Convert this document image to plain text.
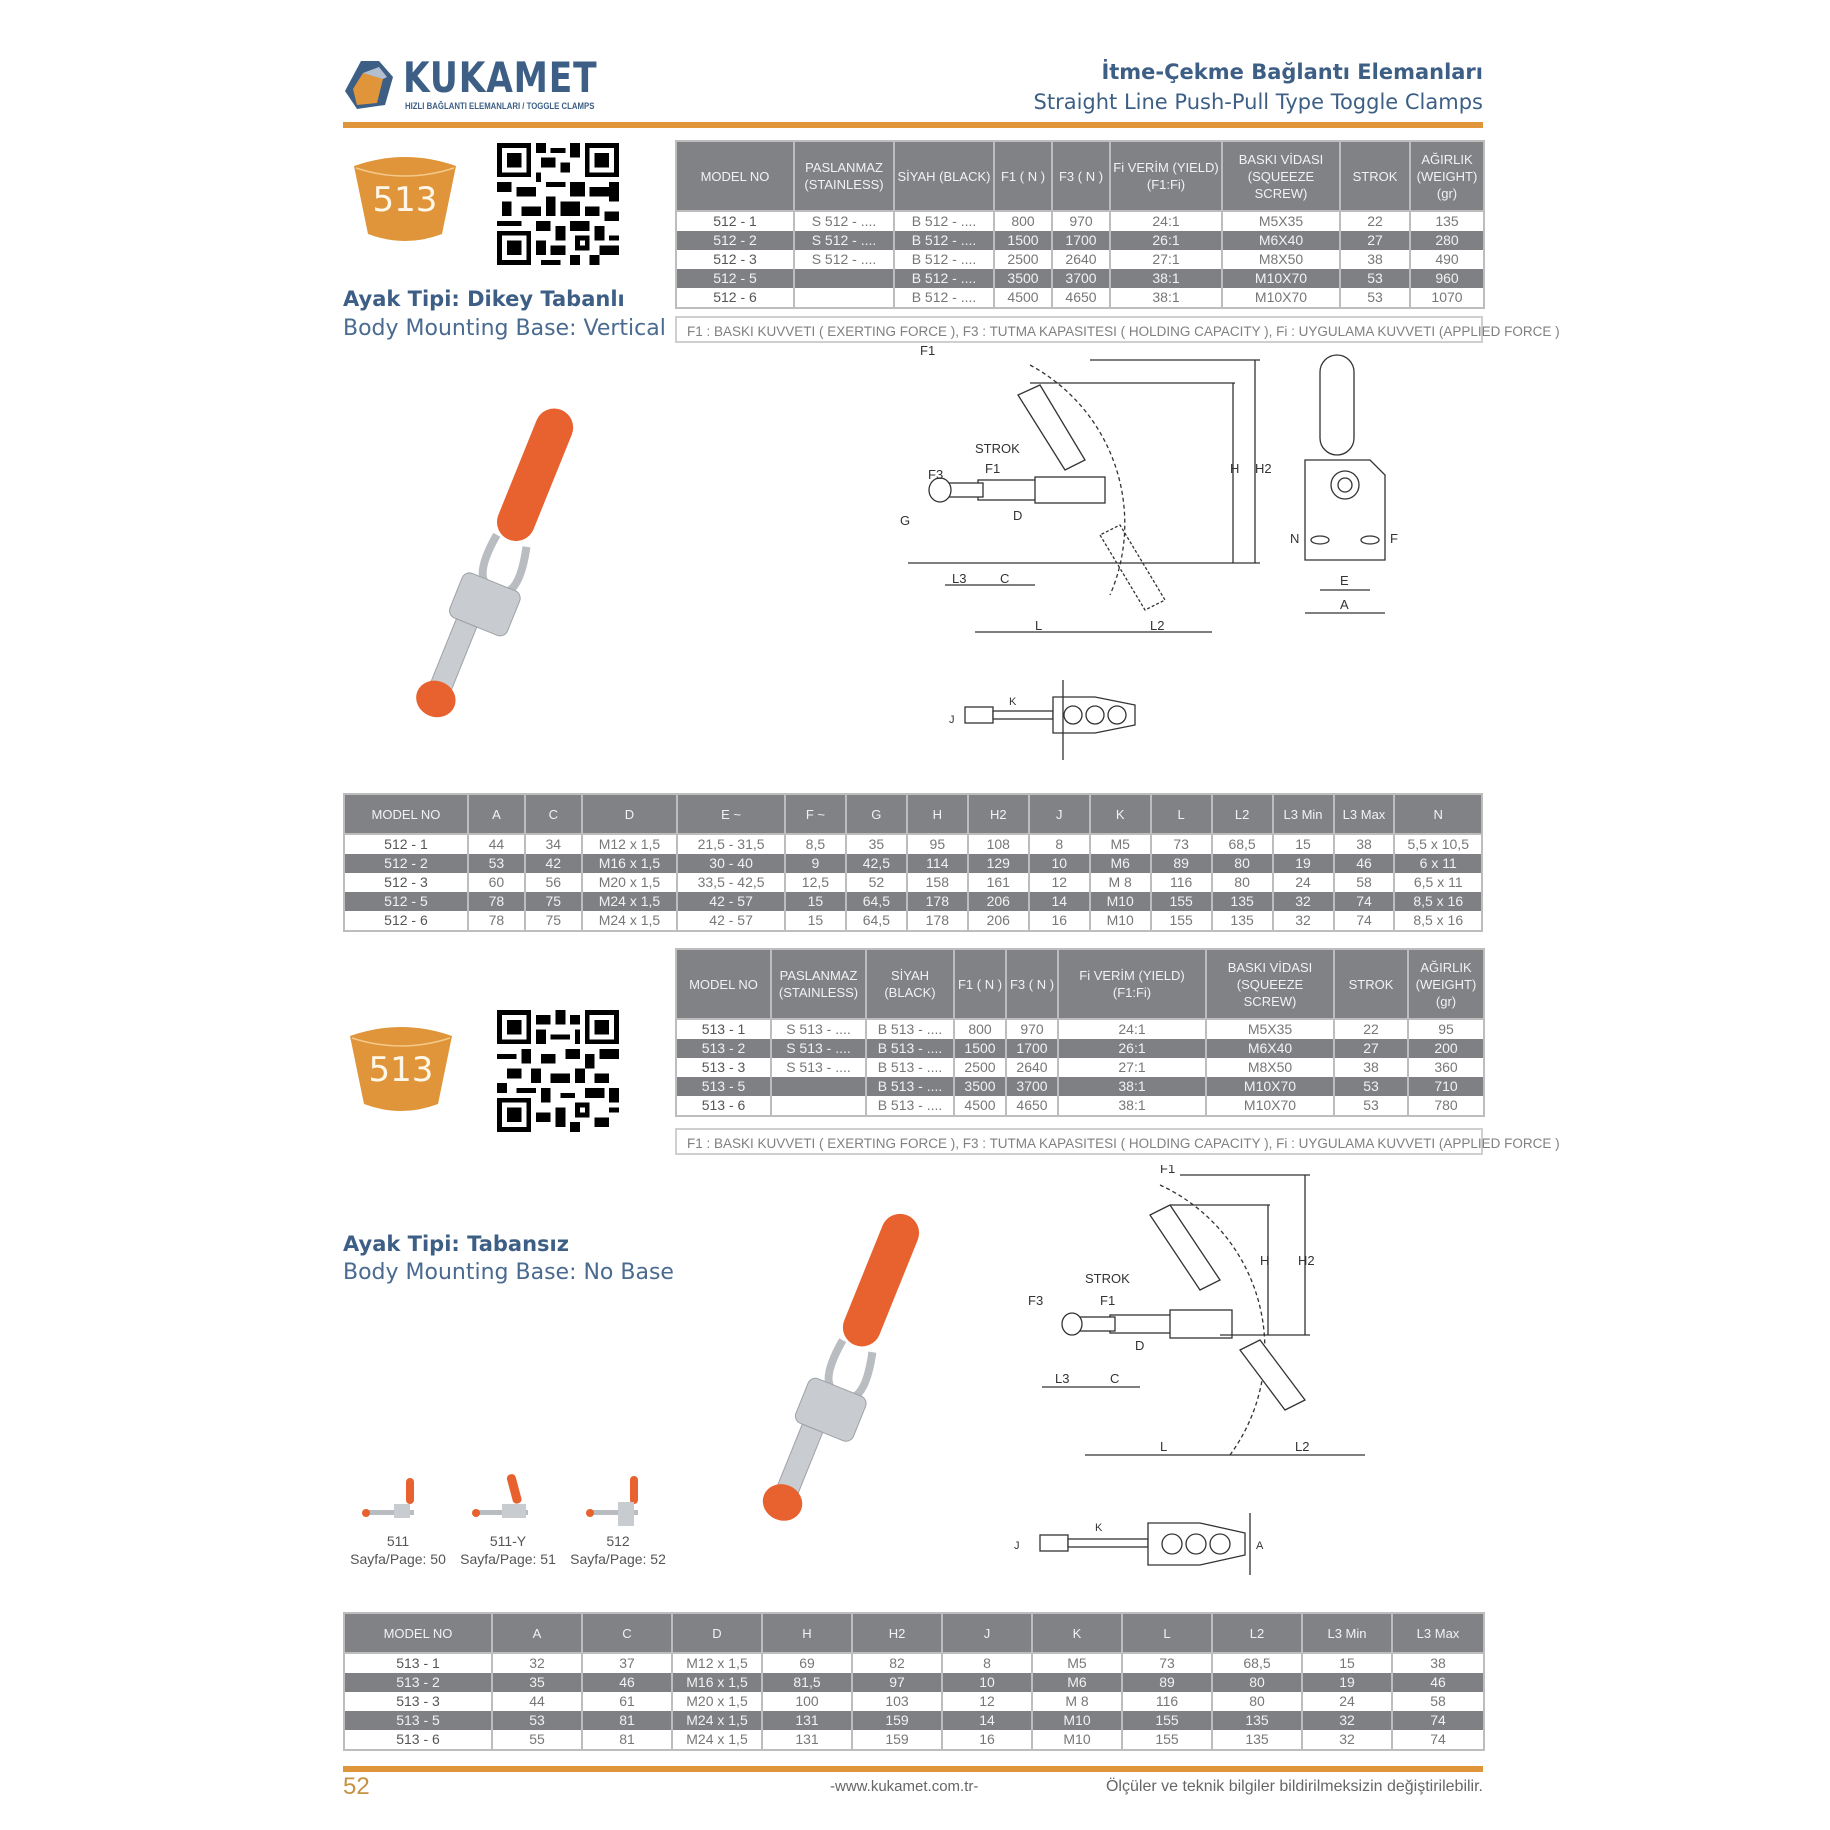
KUKAMET
HIZLI BAĞLANTI ELEMANLARI / TOGGLE CLAMPS
İtme-Çekme Bağlantı Elemanları
Straight Line Push-Pull Type Toggle Clamps
513
Ayak Tipi: Dikey Tabanlı
Body Mounting Base: Vertical
MODEL NO	PASLANMAZ (STAINLESS)	SİYAH (BLACK)	F1 ( N )	F3 ( N )	Fi VERİM (YIELD) (F1:Fi)	BASKI VİDASI (SQUEEZE SCREW)	STROK	AĞIRLIK (WEIGHT) (gr)
512 - 1	S 512 - ....	B 512 - ....	800	970	24:1	M5X35	22	135
512 - 2	S 512 - ....	B 512 - ....	1500	1700	26:1	M6X40	27	280
512 - 3	S 512 - ....	B 512 - ....	2500	2640	27:1	M8X50	38	490
512 - 5		B 512 - ....	3500	3700	38:1	M10X70	53	960
512 - 6		B 512 - ....	4500	4650	38:1	M10X70	53	1070
F1 : BASKI KUVVETI ( EXERTING FORCE ), F3 : TUTMA KAPASITESI ( HOLDING CAPACITY ), Fi : UYGULAMA KUVVETI (APPLIED FORCE )
F3	F1
STROK
F1
H H2
L3	C
L	L2
G	D
E
A
N	F
J
K
MODEL NO	A	C	D	E ~	F ~	G	H	H2	J	K	L	L2	L3 Min	L3 Max	N
512 - 1	44	34	M12 x 1,5	21,5 - 31,5	8,5	35	95	108	8	M5	73	68,5	15	38	5,5 x 10,5
512 - 2	53	42	M16 x 1,5	30 - 40	9	42,5	114	129	10	M6	89	80	19	46	6 x 11
512 - 3	60	56	M20 x 1,5	33,5 - 42,5	12,5	52	158	161	12	M 8	116	80	24	58	6,5 x 11
512 - 5	78	75	M24 x 1,5	42 - 57	15	64,5	178	206	14	M10	155	135	32	74	8,5 x 16
512 - 6	78	75	M24 x 1,5	42 - 57	15	64,5	178	206	16	M10	155	135	32	74	8,5 x 16
513
Ayak Tipi: Tabansız
Body Mounting Base: No Base
MODEL NO	PASLANMAZ (STAINLESS)	SİYAH (BLACK)	F1 ( N )	F3 ( N )	Fi VERİM (YIELD) (F1:Fi)	BASKI VİDASI (SQUEEZE SCREW)	STROK	AĞIRLIK (WEIGHT) (gr)
513 - 1	S 513 - ....	B 513 - ....	800	970	24:1	M5X35	22	95
513 - 2	S 513 - ....	B 513 - ....	1500	1700	26:1	M6X40	27	200
513 - 3	S 513 - ....	B 513 - ....	2500	2640	27:1	M8X50	38	360
513 - 5		B 513 - ....	3500	3700	38:1	M10X70	53	710
513 - 6		B 513 - ....	4500	4650	38:1	M10X70	53	780
F1 : BASKI KUVVETI ( EXERTING FORCE ), F3 : TUTMA KAPASITESI ( HOLDING CAPACITY ), Fi : UYGULAMA KUVVETI (APPLIED FORCE )
F3	F1
STROK
F1
H H2
L3	C
L	L2
D
J
K
A
511
Sayfa/Page: 50
511-Y
Sayfa/Page: 51
512
Sayfa/Page: 52
MODEL NO	A	C	D	H	H2	J	K	L	L2	L3 Min	L3 Max
513 - 1	32	37	M12 x 1,5	69	82	8	M5	73	68,5	15	38
513 - 2	35	46	M16 x 1,5	81,5	97	10	M6	89	80	19	46
513 - 3	44	61	M20 x 1,5	100	103	12	M 8	116	80	24	58
513 - 5	53	81	M24 x 1,5	131	159	14	M10	155	135	32	74
513 - 6	55	81	M24 x 1,5	131	159	16	M10	155	135	32	74
52	-www.kukamet.com.tr-	Ölçüler ve teknik bilgiler bildirilmeksizin değiştirilebilir.
